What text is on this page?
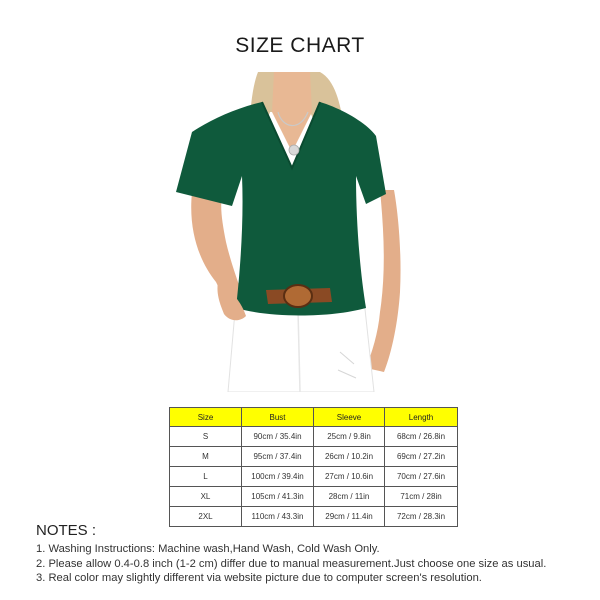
SIZE CHART
Size	Bust	Sleeve	Length
S	90cm / 35.4in	25cm / 9.8in	68cm / 26.8in
M	95cm / 37.4in	26cm / 10.2in	69cm / 27.2in
L	100cm / 39.4in	27cm / 10.6in	70cm / 27.6in
XL	105cm / 41.3in	28cm / 11in	71cm / 28in
2XL	110cm / 43.3in	29cm / 11.4in	72cm / 28.3in
NOTES :
1. Washing Instructions: Machine wash,Hand Wash, Cold Wash Only.
2. Please allow 0.4-0.8 inch (1-2 cm) differ due to manual measurement.Just choose one size as usual.
3. Real color may slightly different via website picture due to computer screen's resolution.
